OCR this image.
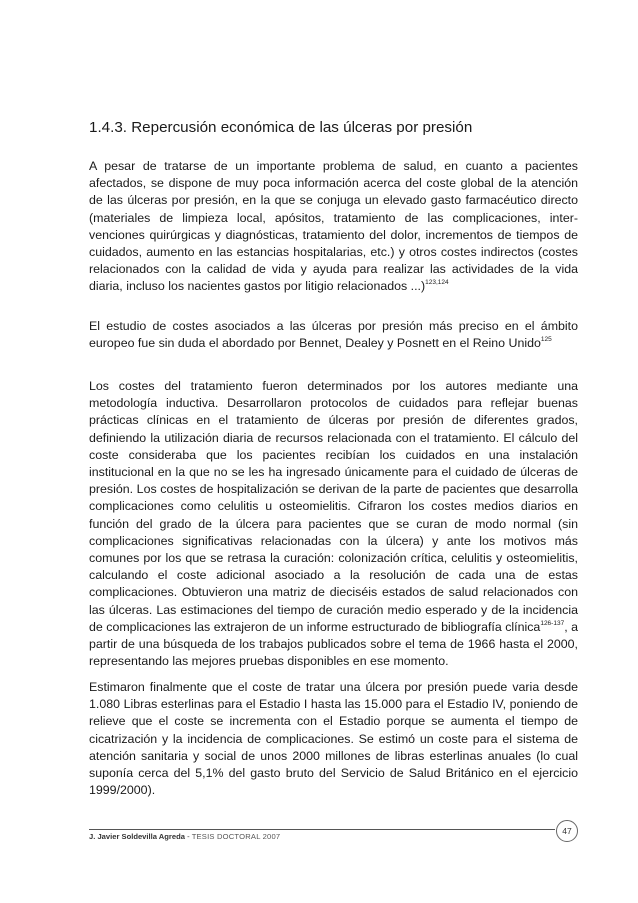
1.4.3. Repercusión económica de las úlceras por presión

A pesar de tratarse de un importante problema de salud, en cuanto a pacientes afectados, se dispone de muy poca información acerca del coste global de la atención de las úlceras por presión, en la que se conjuga un elevado gasto farmacéutico directo (materiales de limpieza local, apósitos, tratamiento de las complicaciones, inter-venciones quirúrgicas y diagnósticas, tratamiento del dolor, incrementos de tiempos de cuidados, aumento en las estancias hospitalarias, etc.) y otros costes indirectos (costes relacionados con la calidad de vida y ayuda para realizar las actividades de la vida diaria, incluso los nacientes gastos por litigio relacionados ...)$^{123,124}$

El estudio de costes asociados a las úlceras por presión más preciso en el ámbito europeo fue sin duda el abordado por Bennet, Dealey y Posnett en el Reino Unido$^{125}$

Los costes del tratamiento fueron determinados por los autores mediante una metodología inductiva. Desarrollaron protocolos de cuidados para reflejar buenas prácticas clínicas en el tratamiento de úlceras por presión de diferentes grados, definiendo la utilización diaria de recursos relacionada con el tratamiento. El cálculo del coste consideraba que los pacientes recibían los cuidados en una instalación institucional en la que no se les ha ingresado únicamente para el cuidado de úlceras de presión. Los costes de hospitalización se derivan de la parte de pacientes que desarrolla complicaciones como celulitis u osteomielitis. Cifraron los costes medios diarios en función del grado de la úlcera para pacientes que se curan de modo normal (sin complicaciones significativas relacionadas con la úlcera) y ante los motivos más comunes por los que se retrasa la curación: colonización crítica, celulitis y osteomielitis, calculando el coste adicional asociado a la resolución de cada una de estas complicaciones. Obtuvieron una matriz de dieciséis estados de salud relacionados con las úlceras. Las estimaciones del tiempo de curación medio esperado y de la incidencia de complicaciones las extrajeron de un informe estructurado de bibliografía clínica$^{126-137}$, a partir de una búsqueda de los trabajos publicados sobre el tema de 1966 hasta el 2000, representando las mejores pruebas disponibles en ese momento.

Estimaron finalmente que el coste de tratar una úlcera por presión puede varia desde 1.080 Libras esterlinas para el Estadio I hasta las 15.000 para el Estadio IV, poniendo de relieve que el coste se incrementa con el Estadio porque se aumenta el tiempo de cicatrización y la incidencia de complicaciones. Se estimó un coste para el sistema de atención sanitaria y social de unos 2000 millones de libras esterlinas anuales (lo cual suponía cerca del 5,1% del gasto bruto del Servicio de Salud Británico en el ejercicio 1999/2000).

J. Javier Soldevilla Agreda - TESIS DOCTORAL 2007
47
